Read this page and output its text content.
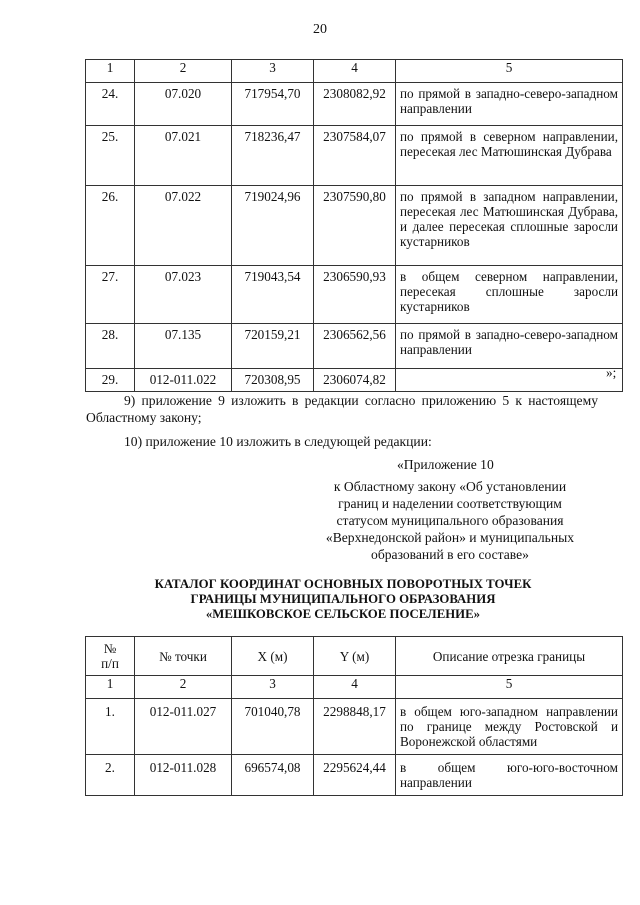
20
1	2	3	4	5
24.	07.020	717954,70	2308082,92	по прямой в западно-северо-западном направлении
25.	07.021	718236,47	2307584,07	по прямой в северном направлении, пересекая лес Матюшинская Дубрава
26.	07.022	719024,96	2307590,80	по прямой в западном направлении, пересекая лес Матюшинская Дубрава, и далее пересекая сплошные заросли кустарников
27.	07.023	719043,54	2306590,93	в общем северном направлении, пересекая сплошные заросли кустарников
28.	07.135	720159,21	2306562,56	по прямой в западно-северо-западном направлении
29.	012-011.022	720308,95	2306074,82		»;
9) приложение 9 изложить в редакции согласно приложению 5 к настоящему Областному закону;
10) приложение 10 изложить в следующей редакции:
«Приложение 10
к Областному закону «Об установлении
границ и наделении соответствующим
статусом муниципального образования
«Верхнедонской район» и муниципальных
образований в его составе»
КАТАЛОГ КООРДИНАТ ОСНОВНЫХ ПОВОРОТНЫХ ТОЧЕК
ГРАНИЦЫ МУНИЦИПАЛЬНОГО ОБРАЗОВАНИЯ
«МЕШКОВСКОЕ СЕЛЬСКОЕ ПОСЕЛЕНИЕ»
№
п/п	№ точки	X (м)	Y (м)	Описание отрезка границы
1	2	3	4	5
1.	012-011.027	701040,78	2298848,17	в общем юго-западном направлении по границе между Ростовской и Воронежской областями
2.	012-011.028	696574,08	2295624,44	в общем юго-юго-восточном направлении
